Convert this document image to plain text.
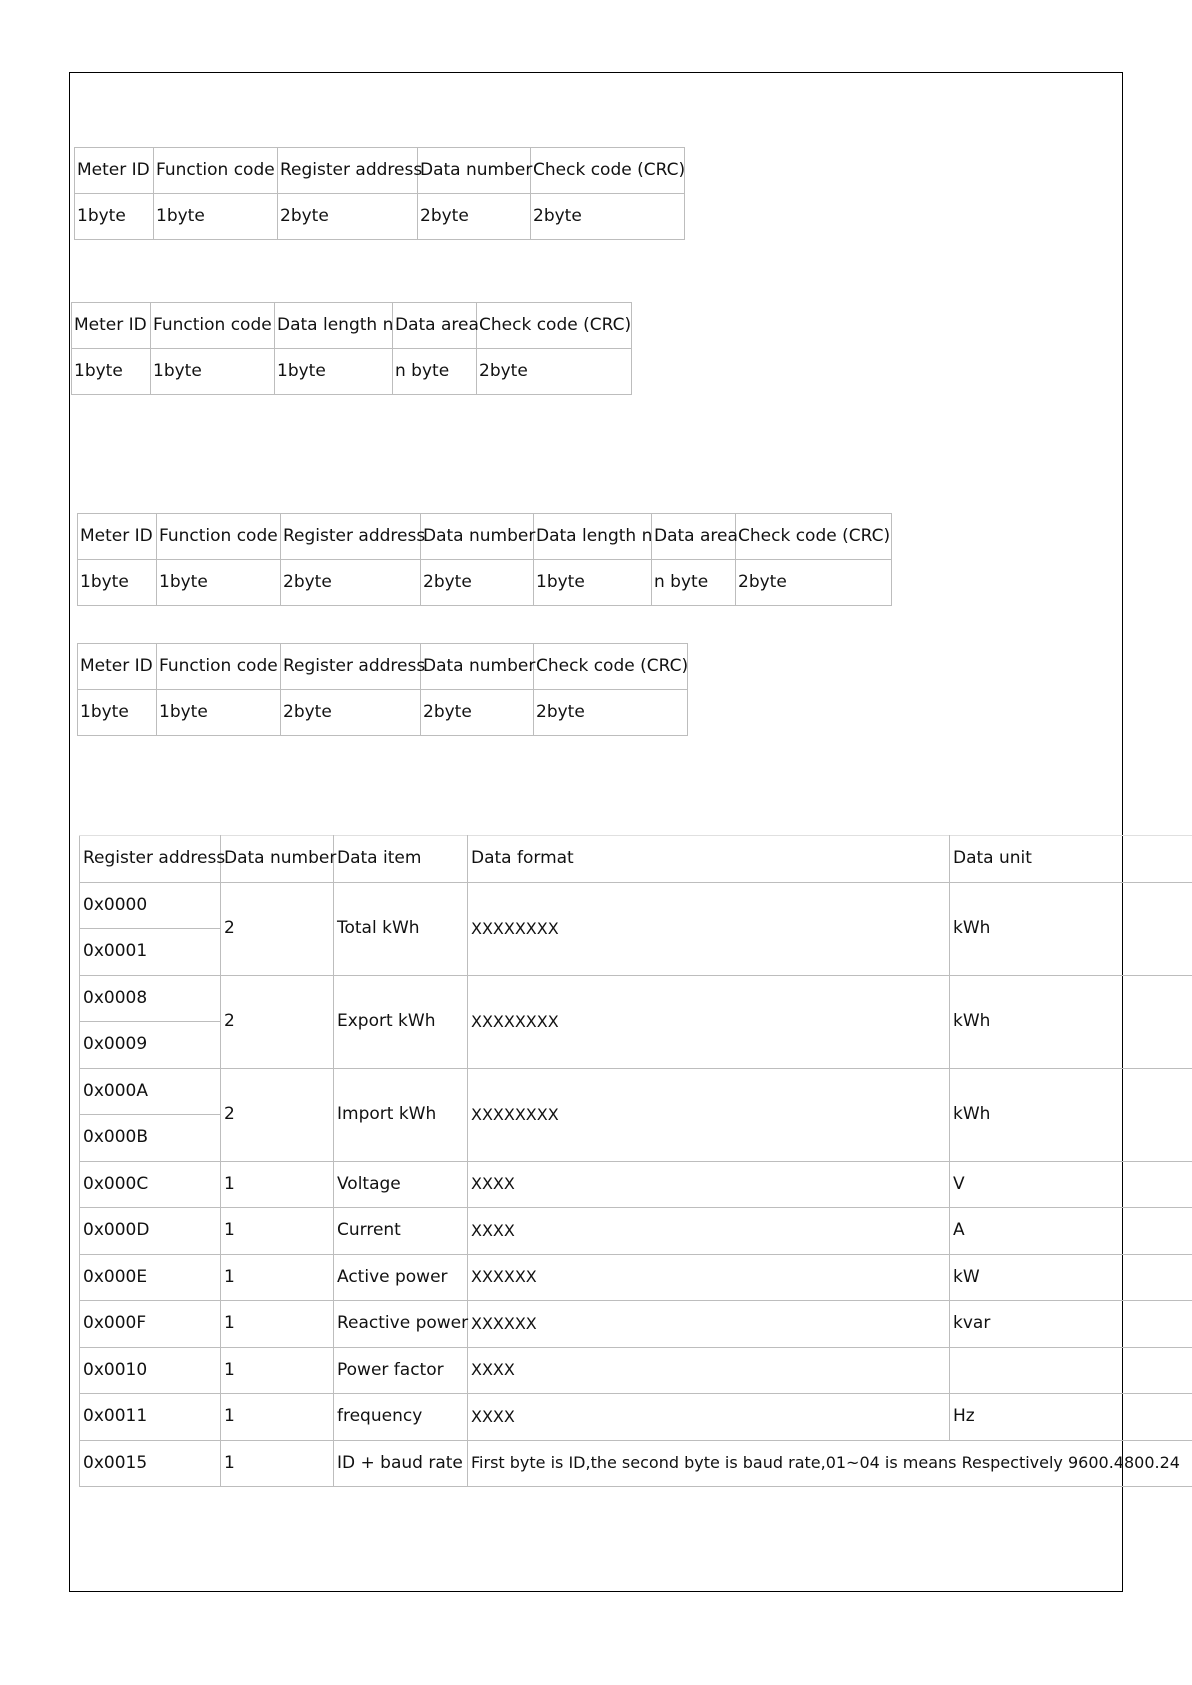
Meter ID	Function code	Register address	Data number	Check code (CRC)
1byte	1byte	2byte	2byte	2byte
Meter ID	Function code	Data length n	Data area	Check code (CRC)
1byte	1byte	1byte	n byte	2byte
Meter ID	Function code	Register address	Data number	Data length n	Data area	Check code (CRC)
1byte	1byte	2byte	2byte	1byte	n byte	2byte
Meter ID	Function code	Register address	Data number	Check code (CRC)
1byte	1byte	2byte	2byte	2byte
Register address	Data number	Data item	Data format	Data unit
0x0000	2	Total kWh	XXXXXXXX	kWh
0x0001				
0x0008	2	Export kWh	XXXXXXXX	kWh
0x0009				
0x000A	2	Import kWh	XXXXXXXX	kWh
0x000B				
0x000C	1	Voltage	XXXX	V
0x000D	1	Current	XXXX	A
0x000E	1	Active power	XXXXXX	kW
0x000F	1	Reactive power	XXXXXX	kvar
0x0010	1	Power factor	XXXX	
0x0011	1	frequency	XXXX	Hz
0x0015	1	ID + baud rate	First byte is ID,the second byte is baud rate,01~04 is means Respectively 9600.4800.24	
